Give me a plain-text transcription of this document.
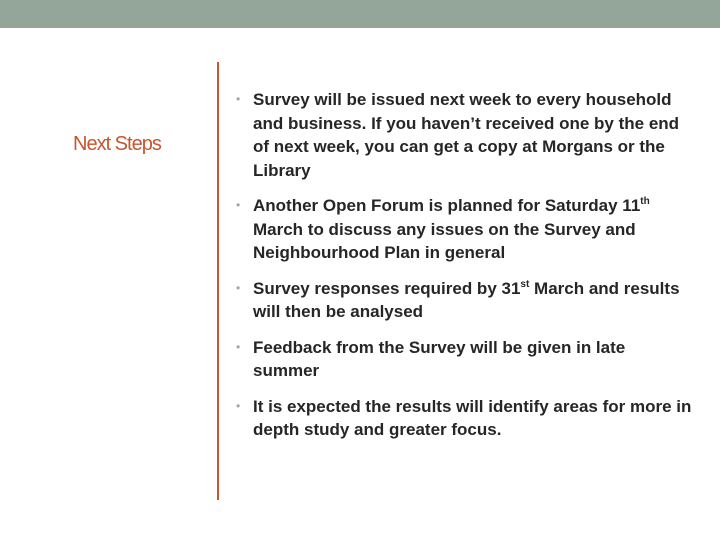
Next Steps
• Survey will be issued next week to every household and business. If you haven’t received one by the end of next week, you can get a copy at Morgans or the Library
• Another Open Forum is planned for Saturday 11th March to discuss any issues on the Survey and Neighbourhood Plan in general
• Survey responses required by 31st March and results will then be analysed
• Feedback from the Survey will be given in late summer
• It is expected the results will identify areas for more in depth study and greater focus.
